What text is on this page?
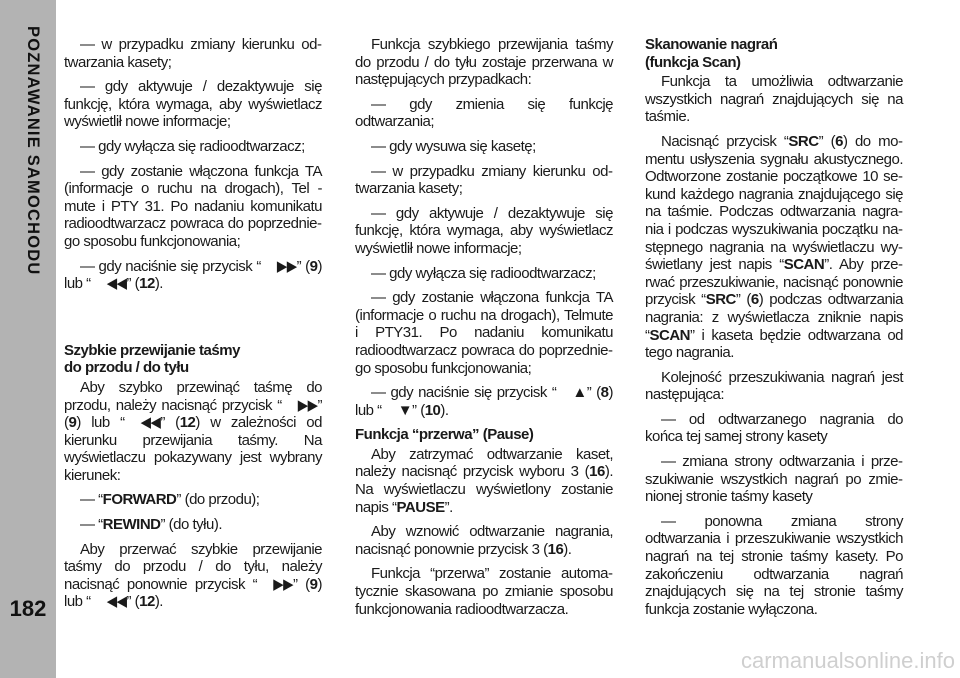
POZNAWANIE SAMOCHODU
182

— w przypadku zmiany kierunku odtwarzania kasety;

— gdy aktywuje / dezaktywuje się funkcję, która wymaga, aby wyświetlacz wyświetlił nowe informacje;

— gdy wyłącza się radioodtwarzacz;

— gdy zostanie włączona funkcja TA (informacje o ruchu na drogach), Tel - mute i PTY 31. Po nadaniu komunikatu radioodtwarzacz powraca do poprzedniego sposobu funkcjonowania;

— gdy naciśnie się przycisk “ ▶▶” (9) lub “ ◀◀” (12).

Szybkie przewijanie taśmy
do przodu / do tyłu

Aby szybko przewinąć taśmę do przodu, należy nacisnąć przycisk “ ▶▶” (9) lub “ ◀◀” (12) w zależności od kierunku przewijania taśmy. Na wyświetlaczu pokazywany jest wybrany kierunek:

— “FORWARD” (do przodu);

— “REWIND” (do tyłu).

Aby przerwać szybkie przewijanie taśmy do przodu / do tyłu, należy nacisnąć ponownie przycisk “ ▶▶” (9) lub “ ◀◀” (12).

Funkcja szybkiego przewijania taśmy do przodu / do tyłu zostaje przerwana w następujących przypadkach:

— gdy zmienia się funkcję odtwarzania;

— gdy wysuwa się kasetę;

— w przypadku zmiany kierunku odtwarzania kasety;

— gdy aktywuje / dezaktywuje się funkcję, która wymaga, aby wyświetlacz wyświetlił nowe informacje;

— gdy wyłącza się radioodtwarzacz;

— gdy zostanie włączona funkcja TA (informacje o ruchu na drogach), Telmute i PTY31. Po nadaniu komunikatu radioodtwarzacz powraca do poprzedniego sposobu funkcjonowania;

— gdy naciśnie się przycisk “ ▲” (8) lub “ ▼” (10).

Funkcja “przerwa” (Pause)

Aby zatrzymać odtwarzanie kaset, należy nacisnąć przycisk wyboru 3 (16). Na wyświetlaczu wyświetlony zostanie napis “PAUSE”.

Aby wznowić odtwarzanie nagrania, nacisnąć ponownie przycisk 3 (16).

Funkcja “przerwa” zostanie automatycznie skasowana po zmianie sposobu funkcjonowania radioodtwarzacza.

Skanowanie nagrań
(funkcja Scan)

Funkcja ta umożliwia odtwarzanie wszystkich nagrań znajdujących się na taśmie.

Nacisnąć przycisk “SRC” (6) do momentu usłyszenia sygnału akustycznego. Odtworzone zostanie początkowe 10 sekund każdego nagrania znajdującego się na taśmie. Podczas odtwarzania nagrania i podczas wyszukiwania początku następnego nagrania na wyświetlaczu wyświetlany jest napis “SCAN”. Aby przerwać przeszukiwanie, nacisnąć ponownie przycisk “SRC” (6) podczas odtwarzania nagrania: z wyświetlacza zniknie napis “SCAN” i kaseta będzie odtwarzana od tego nagrania.

Kolejność przeszukiwania nagrań jest następująca:

— od odtwarzanego nagrania do końca tej samej strony kasety

— zmiana strony odtwarzania i przeszukiwanie wszystkich nagrań po zmienionej stronie taśmy kasety

— ponowna zmiana strony odtwarzania i przeszukiwanie wszystkich nagrań na tej stronie taśmy kasety. Po zakończeniu odtwarzania nagrań znajdujących się na tej stronie taśmy funkcja zostanie wyłączona.

carmanualsonline.info
